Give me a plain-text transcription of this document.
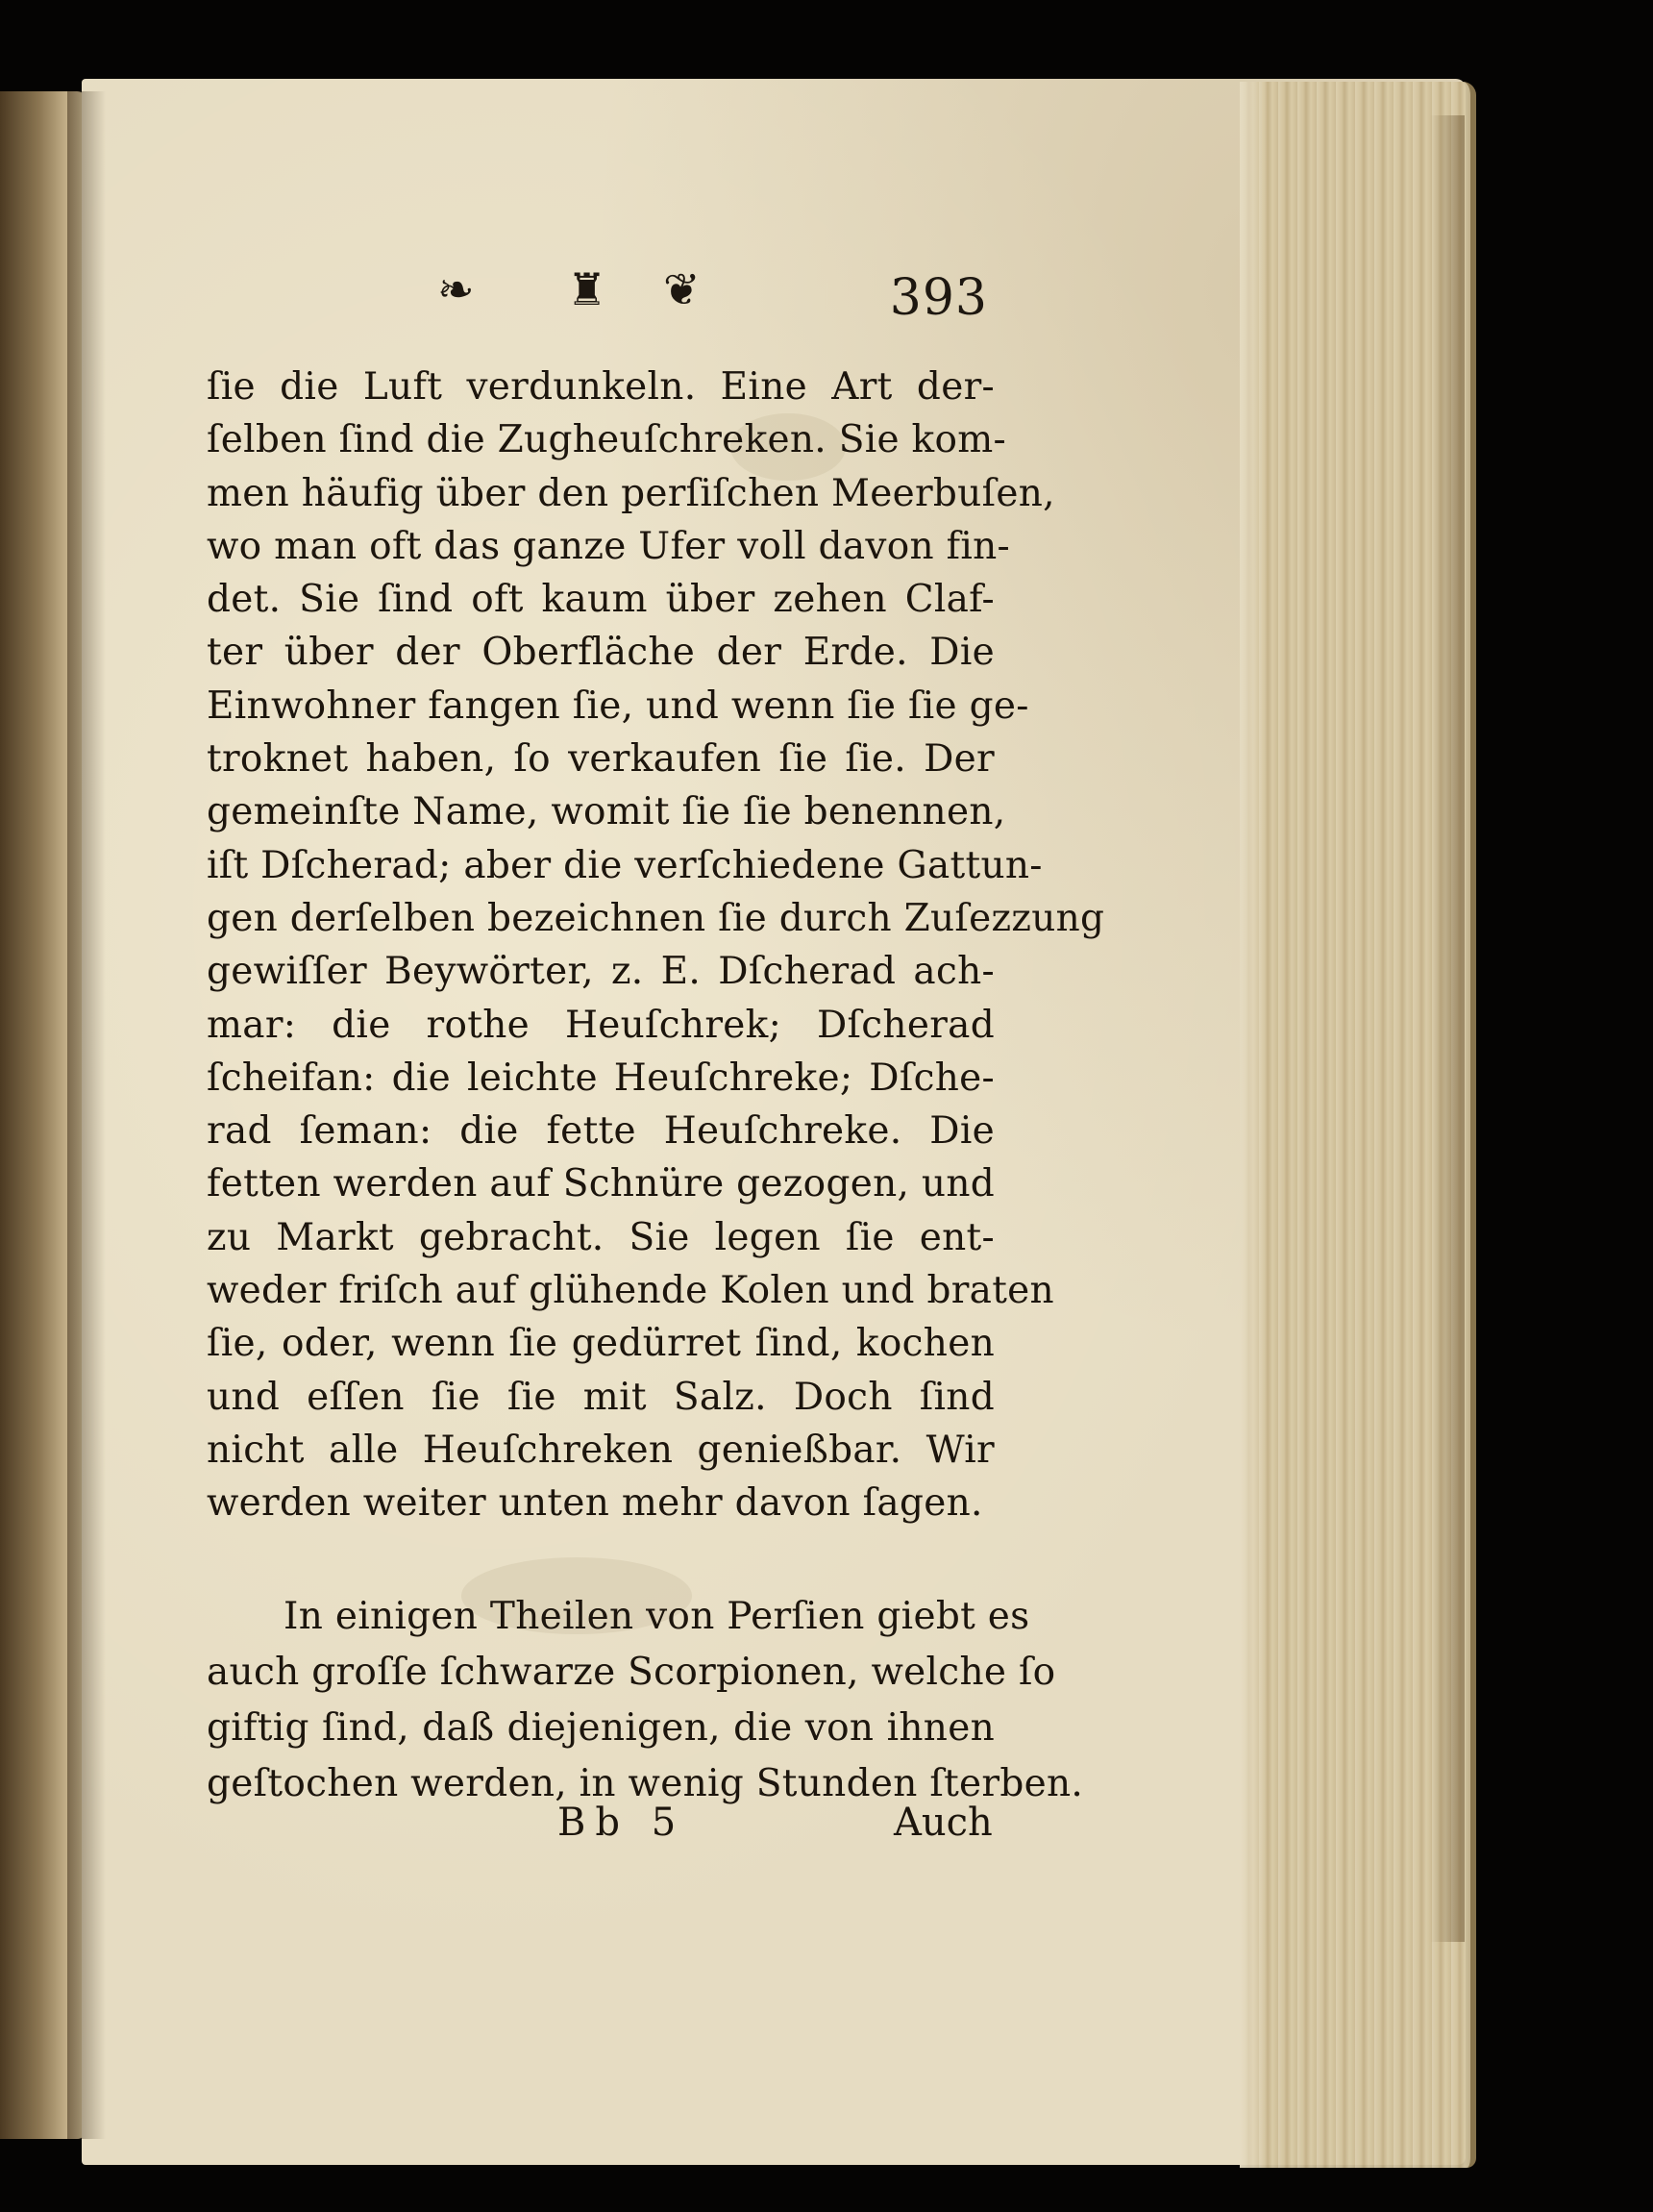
❧ ♜ ❦	393
ſie die Luft verdunkeln. Eine Art der-
ſelben ſind die Zugheuſchreken. Sie kom-
men häufig über den perſiſchen Meerbuſen,
wo man oft das ganze Ufer voll davon fin-
det. Sie ſind oft kaum über zehen Claf-
ter über der Oberfläche der Erde. Die
Einwohner fangen ſie, und wenn ſie ſie ge-
troknet haben, ſo verkaufen ſie ſie. Der
gemeinſte Name, womit ſie ſie benennen,
iſt Dſcherad; aber die verſchiedene Gattun-
gen derſelben bezeichnen ſie durch Zuſezzung
gewiſſer Beywörter, z. E. Dſcherad ach-
mar: die rothe Heuſchrek; Dſcherad
ſcheifan: die leichte Heuſchreke; Dſche-
rad ſeman: die fette Heuſchreke. Die
fetten werden auf Schnüre gezogen, und
zu Markt gebracht. Sie legen ſie ent-
weder friſch auf glühende Kolen und braten
ſie, oder, wenn ſie gedürret ſind, kochen
und eſſen ſie ſie mit Salz. Doch ſind
nicht alle Heuſchreken genießbar. Wir
werden weiter unten mehr davon ſagen.
In einigen Theilen von Perſien giebt es
auch groſſe ſchwarze Scorpionen, welche ſo
giftig ſind, daß diejenigen, die von ihnen
geſtochen werden, in wenig Stunden ſterben.
Bb 5	Auch
